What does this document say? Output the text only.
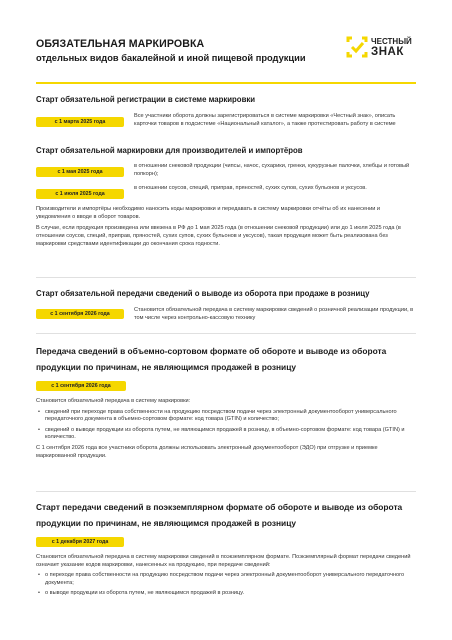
ОБЯЗАТЕЛЬНАЯ МАРКИРОВКА
отдельных видов бакалейной и иной пищевой продукции
ЧЕСТНЫЙ
ЗНАК
Старт обязательной регистрации в системе маркировки
с 1 марта 2025 года
Все участники оборота должны зарегистрироваться в системе маркировки «Честный знак», описать карточки товаров в подсистеме «Национальный каталог», а также протестировать работу в системе
Старт обязательной маркировки для производителей и импортёров
с 1 мая 2025 года
в отношении снековой продукции (чипсы, начос, сухарики, гренки, кукурузные палочки, хлебцы и готовый попкорн);
с 1 июля 2025 года
в отношении соусов, специй, приправ, пряностей, сухих супов, сухих бульонов и уксусов.

Производители и импортёры необходимо наносить коды маркировки и передавать в систему маркировки отчёты об их нанесении и уведомления о вводе в оборот товаров.

В случае, если продукция произведена или ввезена в РФ до 1 мая 2025 года (в отношении снековой продукции) или до 1 июля 2025 года (в отношении соусов, специй, приправ, пряностей, сухих супов, сухих бульонов и уксусов), такая продукция может быть реализована без маркировки средствами идентификации до окончания срока годности.

Старт обязательной передачи сведений о выводе из оборота при продаже в розницу
с 1 сентября 2026 года
Становится обязательной передача в систему маркировки сведений о розничной реализации продукции, в том числе через контрольно-кассовую технику
Передача сведений в объемно-сортовом формате об обороте и выводе из оборота
продукции по причинам, не являющимся продажей в розницу
с 1 сентября 2026 года

Становится обязательной передача в систему маркировки:

• сведений при переходе права собственности на продукцию посредством подачи через электронный документооборот универсального передаточного документа в объемно-сортовом формате: код товара (GTIN) и количество;
• сведений о выводе продукции из оборота путем, не являющимся продажей в розницу, в объемно-сортовом формате: код товара (GTIN) и количество.

С 1 сентября 2026 года все участники оборота должны использовать электронный документооборот (ЭДО) при отгрузке и приемке маркированной продукции.

Старт передачи сведений в поэкземплярном формате об обороте и выводе из оборота
продукции по причинам, не являющимся продажей в розницу
с 1 декабря 2027 года

Становится обязательной передача в систему маркировки сведений в поэкземплярном формате. Поэкземплярный формат передачи сведений означает указание кодов маркировки, нанесенных на продукцию, при передаче сведений:

• о переходе права собственности на продукцию посредством подачи через электронный документооборот универсального передаточного документа;
• о выводе продукции из оборота путем, не являющимся продажей в розницу.
